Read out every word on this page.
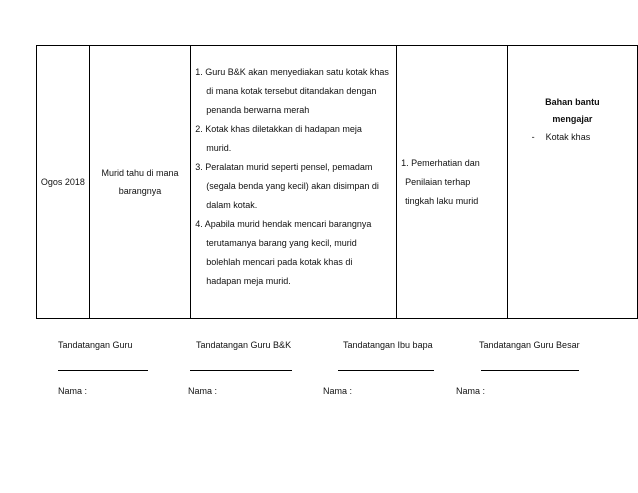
Ogos 2018	
Murid tahu di mana
barangnya

1. Guru B&K akan menyediakan satu kotak khas
di mana kotak tersebut ditandakan dengan
penanda berwarna merah
2. Kotak khas diletakkan di hadapan meja
murid.
3. Peralatan murid seperti pensel, pemadam
(segala benda yang kecil) akan disimpan di
dalam kotak.
4. Apabila murid hendak mencari barangnya
terutamanya barang yang kecil, murid
bolehlah mencari pada kotak khas di
hadapan meja murid.

1. Pemerhatian dan
Penilaian terhap
tingkah laku murid

Bahan bantu
mengajar
- Kotak khas
Tandatangan Guru	Tandatangan Guru B&K	Tandatangan Ibu bapa	Tandatangan Guru Besar
Nama :	Nama :	Nama :	Nama :
